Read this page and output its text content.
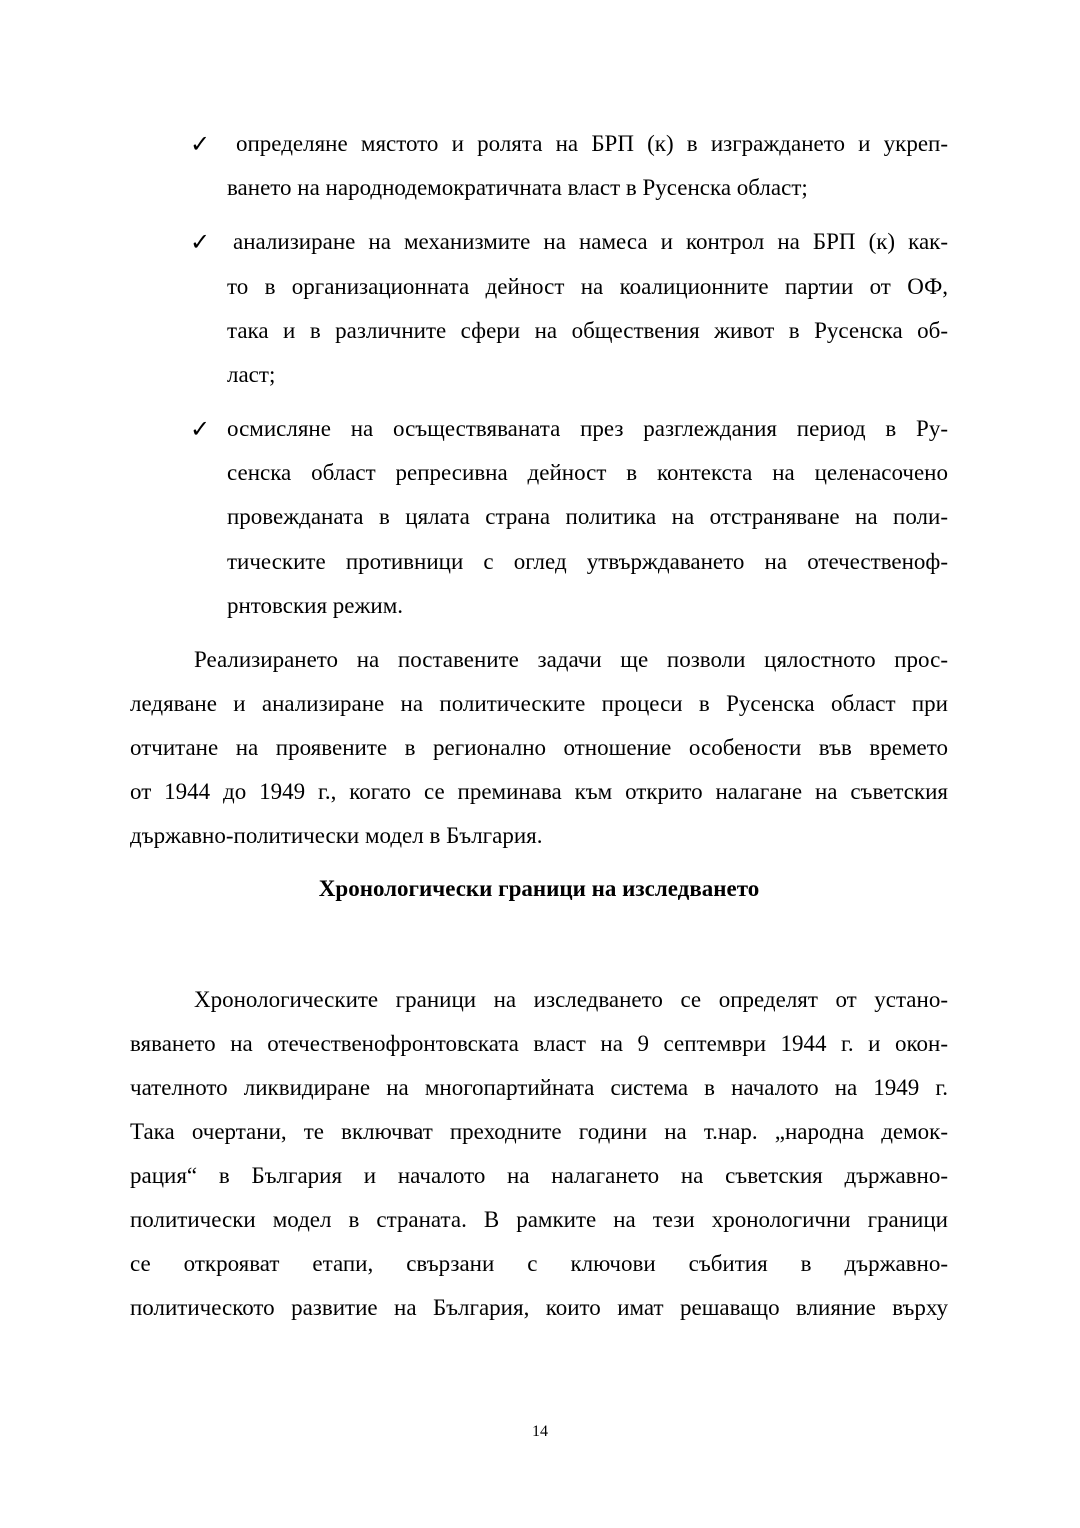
✓ определяне мястото и ролята на БРП (к) в изграждането и укреп-
ването на народнодемократичната власт в Русенска област;
✓ анализиране на механизмите на намеса и контрол на БРП (к) как-
то в организационната дейност на коалиционните партии от ОФ,
така и в различните сфери на обществения живот в Русенска об-
ласт;
✓ осмисляне на осъществяваната през разглеждания период в Ру-
сенска област репресивна дейност в контекста на целенасочено
провежданата в цялата страна политика на отстраняване на поли-
тическите противници с оглед утвърждаването на отечественоф-
рнтовския режим.
Реализирането на поставените задачи ще позволи цялостното прос-
ледяване и анализиране на политическите процеси в Русенска област при
отчитане на проявените в регионално отношение особености във времето
от 1944 до 1949 г., когато се преминава към открито налагане на съветския
държавно-политически модел в България.
Хронологически граници на изследването
Хронологическите граници на изследването се определят от устано-
вяването на отечественофронтовската власт на 9 септември 1944 г. и окон-
чателното ликвидиране на многопартийната система в началото на 1949 г.
Така очертани, те включват преходните години на т.нар. „народна демок-
рация“ в България и началото на налагането на съветския държавно-
политически модел в страната. В рамките на тези хронологични граници
се открояват етапи, свързани с ключови събития в държавно-
политическото развитие на България, които имат решаващо влияние върху
14
